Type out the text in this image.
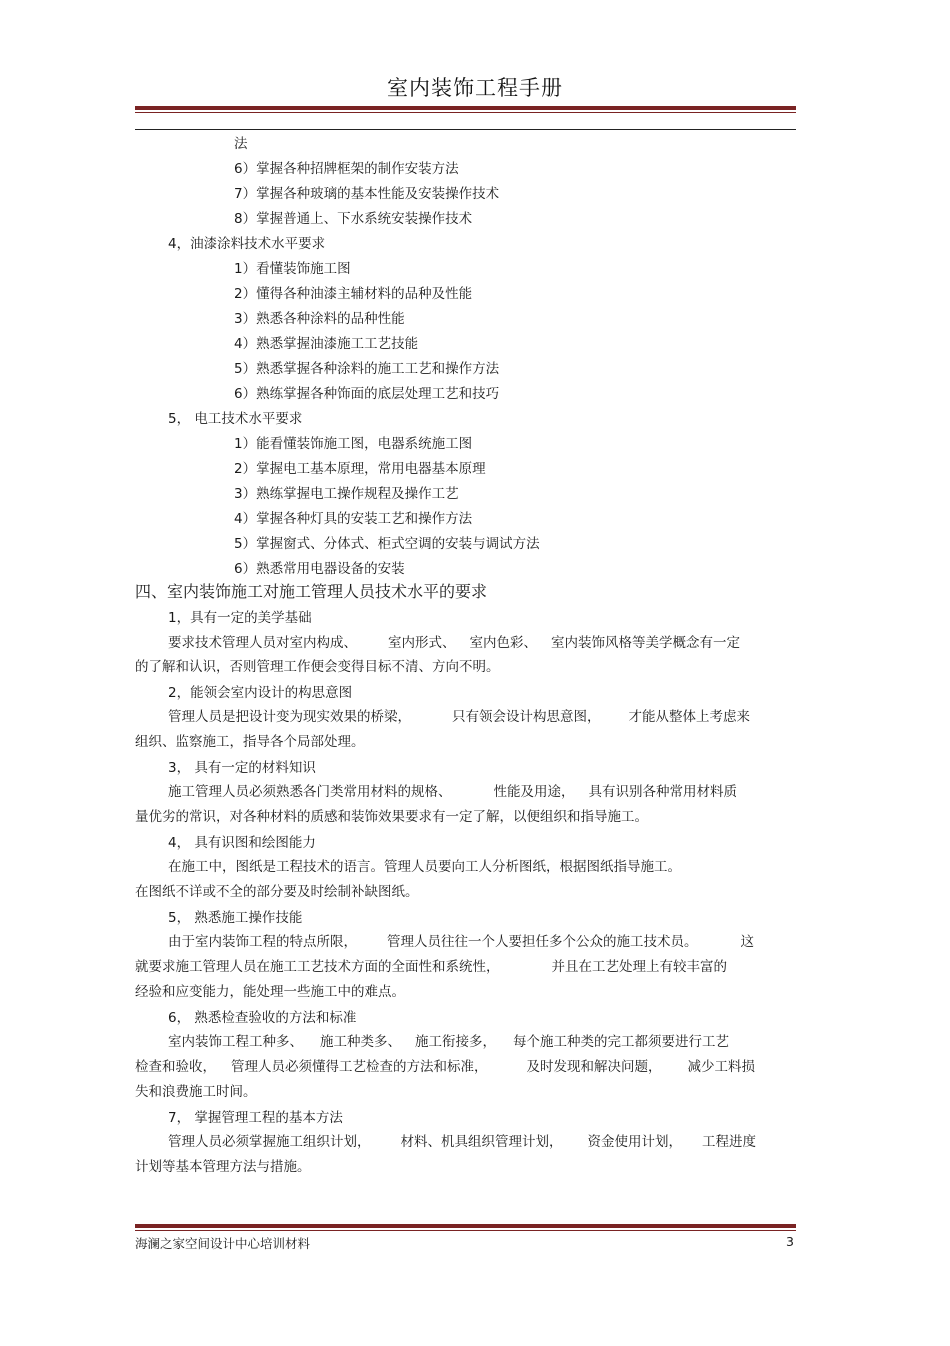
室内装饰工程手册
法
6）掌握各种招牌框架的制作安装方法
7）掌握各种玻璃的基本性能及安装操作技术
8）掌握普通上、下水系统安装操作技术
4，油漆涂料技术水平要求
1）看懂装饰施工图
2）懂得各种油漆主辅材料的品种及性能
3）熟悉各种涂料的品种性能
4）熟悉掌握油漆施工工艺技能
5）熟悉掌握各种涂料的施工工艺和操作方法
6）熟练掌握各种饰面的底层处理工艺和技巧
5， 电工技术水平要求
1）能看懂装饰施工图，电器系统施工图
2）掌握电工基本原理，常用电器基本原理
3）熟练掌握电工操作规程及操作工艺
4）掌握各种灯具的安装工艺和操作方法
5）掌握窗式、分体式、柜式空调的安装与调试方法
6）熟悉常用电器设备的安装
四、室内装饰施工对施工管理人员技术水平的要求
1，具有一定的美学基础
要求技术管理人员对室内构成、 室内形式、 室内色彩、 室内装饰风格等美学概念有一定
的了解和认识，否则管理工作便会变得目标不清、方向不明。
2，能领会室内设计的构思意图
管理人员是把设计变为现实效果的桥梁，	只有领会设计构思意图， 才能从整体上考虑来
组织、监察施工，指导各个局部处理。
3， 具有一定的材料知识
施工管理人员必须熟悉各门类常用材料的规格、	性能及用途， 具有识别各种常用材料质
量优劣的常识，对各种材料的质感和装饰效果要求有一定了解，以便组织和指导施工。
4， 具有识图和绘图能力
在施工中，图纸是工程技术的语言。管理人员要向工人分析图纸，根据图纸指导施工。
在图纸不详或不全的部分要及时绘制补缺图纸。
5， 熟悉施工操作技能
由于室内装饰工程的特点所限， 管理人员往往一个人要担任多个公众的施工技术员。	这
就要求施工管理人员在施工工艺技术方面的全面性和系统性，	并且在工艺处理上有较丰富的
经验和应变能力，能处理一些施工中的难点。
6， 熟悉检查验收的方法和标准
室内装饰工程工种多、 施工种类多、 施工衔接多， 每个施工种类的完工都须要进行工艺
检查和验收， 管理人员必须懂得工艺检查的方法和标准，	及时发现和解决问题， 减少工料损
失和浪费施工时间。
7， 掌握管理工程的基本方法
管理人员必须掌握施工组织计划， 材料、机具组织管理计划， 资金使用计划， 工程进度
计划等基本管理方法与措施。
海澜之家空间设计中心培训材料	3
